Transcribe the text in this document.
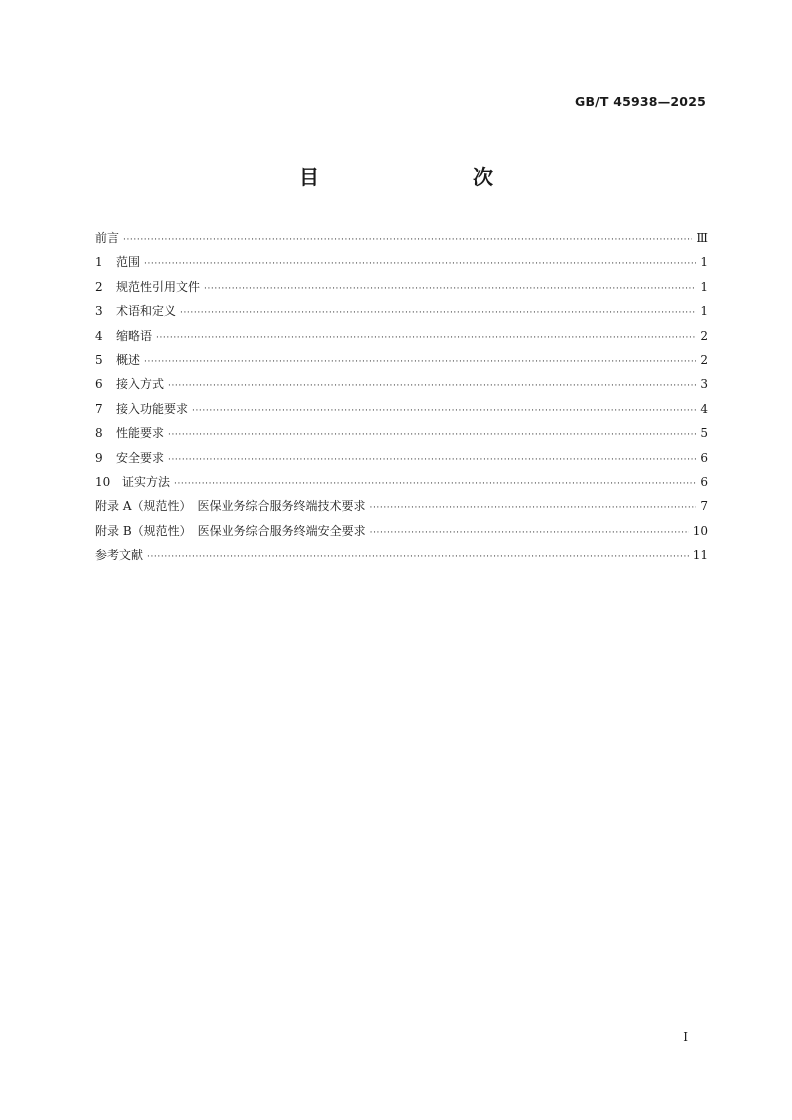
GB/T 45938—2025
目　　次
前言 ·····	Ⅲ
1	范围 ·····	1
2	规范性引用文件 ·····	1
3	术语和定义 ·····	1
4	缩略语 ·····	2
5	概述 ·····	2
6	接入方式 ·····	3
7	接入功能要求 ·····	4
8	性能要求 ·····	5
9	安全要求 ·····	6
10 证实方法 ·····	6
附录 A（规范性）　医保业务综合服务终端技术要求 ·····	7
附录 B（规范性）　医保业务综合服务终端安全要求 ·····	10
参考文献 ·····	11
I
